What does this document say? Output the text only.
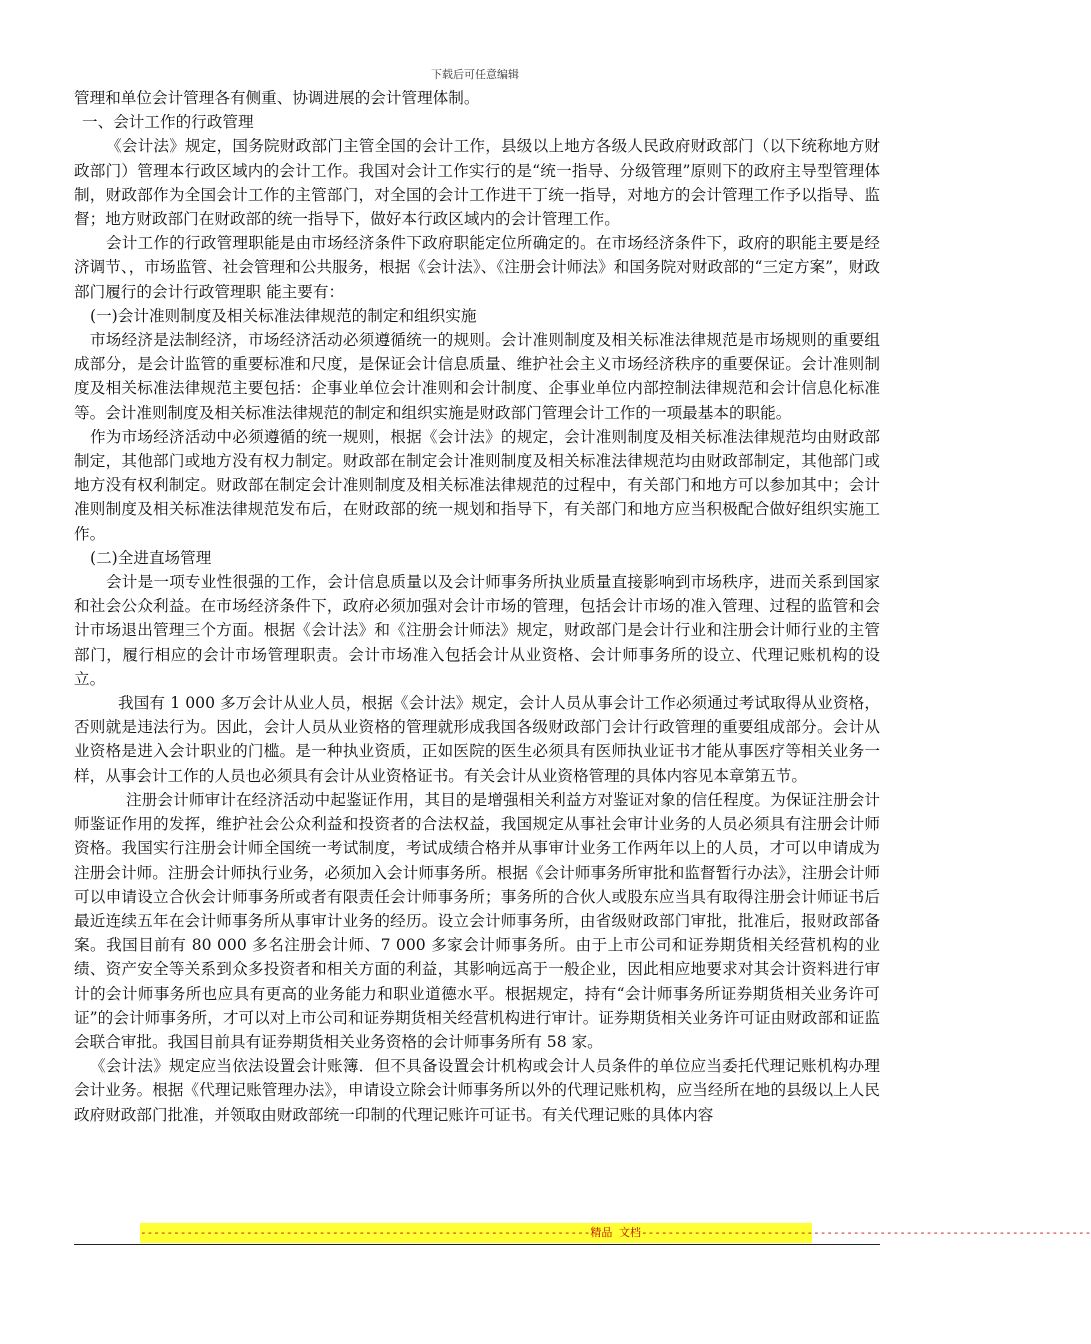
下载后可任意编辑

管理和单位会计管理各有侧重、协调进展的会计管理体制。

一、会计工作的行政管理

《会计法》规定，国务院财政部门主管全国的会计工作，县级以上地方各级人民政府财政部门（以下统称地方财政部门）管理本行政区域内的会计工作。我国对会计工作实行的是“统一指导、分级管理”原则下的政府主导型管理体制，财政部作为全国会计工作的主管部门，对全国的会计工作进干丁统一指导，对地方的会计管理工作予以指导、监督；地方财政部门在财政部的统一指导下，做好本行政区域内的会计管理工作。

会计工作的行政管理职能是由市场经济条件下政府职能定位所确定的。在市场经济条件下，政府的职能主要是经济调节、，市场监管、社会管理和公共服务，根据《会计法》、《注册会计师法》和国务院对财政部的“三定方案”，财政部门履行的会计行政管理职 能主要有：

(一)会计准则制度及相关标准法律规范的制定和组织实施

市场经济是法制经济，市场经济活动必须遵循统一的规则。会计准则制度及相关标准法律规范是市场规则的重要组成部分，是会计监管的重要标准和尺度，是保证会计信息质量、维护社会主义市场经济秩序的重要保证。会计准则制度及相关标准法律规范主要包括：企事业单位会计准则和会计制度、企事业单位内部控制法律规范和会计信息化标准等。会计准则制度及相关标准法律规范的制定和组织实施是财政部门管理会计工作的一项最基本的职能。

作为市场经济活动中必须遵循的统一规则，根据《会计法》的规定，会计准则制度及相关标准法律规范均由财政部制定，其他部门或地方没有权力制定。财政部在制定会计准则制度及相关标准法律规范均由财政部制定，其他部门或地方没有权利制定。财政部在制定会计准则制度及相关标准法律规范的过程中，有关部门和地方可以参加其中；会计准则制度及相关标准法律规范发布后，在财政部的统一规划和指导下，有关部门和地方应当积极配合做好组织实施工作。

(二)全进直场管理

会计是一项专业性很强的工作，会计信息质量以及会计师事务所执业质量直接影响到市场秩序，进而关系到国家和社会公众利益。在市场经济条件下，政府必须加强对会计市场的管理，包括会计市场的准入管理、过程的监管和会计市场退出管理三个方面。根据《会计法》和《注册会计师法》规定，财政部门是会计行业和注册会计师行业的主管部门，履行相应的会计市场管理职责。会计市场准入包括会计从业资格、会计师事务所的设立、代理记账机构的设立。

我国有 1 000 多万会计从业人员，根据《会计法》规定，会计人员从事会计工作必须通过考试取得从业资格，否则就是违法行为。因此，会计人员从业资格的管理就形成我国各级财政部门会计行政管理的重要组成部分。会计从业资格是进入会计职业的门槛。是一种执业资质，正如医院的医生必须具有医师执业证书才能从事医疗等相关业务一样，从事会计工作的人员也必须具有会计从业资格证书。有关会计从业资格管理的具体内容见本章第五节。

注册会计师审计在经济活动中起鉴证作用，其目的是增强相关利益方对鉴证对象的信任程度。为保证注册会计师鉴证作用的发挥，维护社会公众利益和投资者的合法权益，我国规定从事社会审计业务的人员必须具有注册会计师资格。我国实行注册会计师全国统一考试制度，考试成绩合格并从事审计业务工作两年以上的人员，才可以申请成为注册会计师。注册会计师执行业务，必须加入会计师事务所。根据《会计师事务所审批和监督暂行办法》，注册会计师可以申请设立合伙会计师事务所或者有限责任会计师事务所；事务所的合伙人或股东应当具有取得注册会计师证书后最近连续五年在会计师事务所从事审计业务的经历。设立会计师事务所，由省级财政部门审批，批准后，报财政部备案。我国目前有 80 000 多名注册会计师、7 000 多家会计师事务所。由于上市公司和证券期货相关经营机构的业绩、资产安全等关系到众多投资者和相关方面的利益，其影响远高于一般企业，因此相应地要求对其会计资料进行审计的会计师事务所也应具有更高的业务能力和职业道德水平。根据规定，持有“会计师事务所证券期货相关业务许可证”的会计师事务所，才可以对上市公司和证券期货相关经营机构进行审计。证券期货相关业务许可证由财政部和证监会联合审批。我国目前具有证券期货相关业务资格的会计师事务所有 58 家。

《会计法》规定应当依法设置会计账簿．但不具备设置会计机构或会计人员条件的单位应当委托代理记账机构办理会计业务。根据《代理记账管理办法》，申请设立除会计师事务所以外的代理记账机构，应当经所在地的县级以上人民政府财政部门批准，并领取由财政部统一印制的代理记账许可证书。有关代理记账的具体内容

--------------------------------------------------------------------精品 文档--------------------------------------------------------------------
